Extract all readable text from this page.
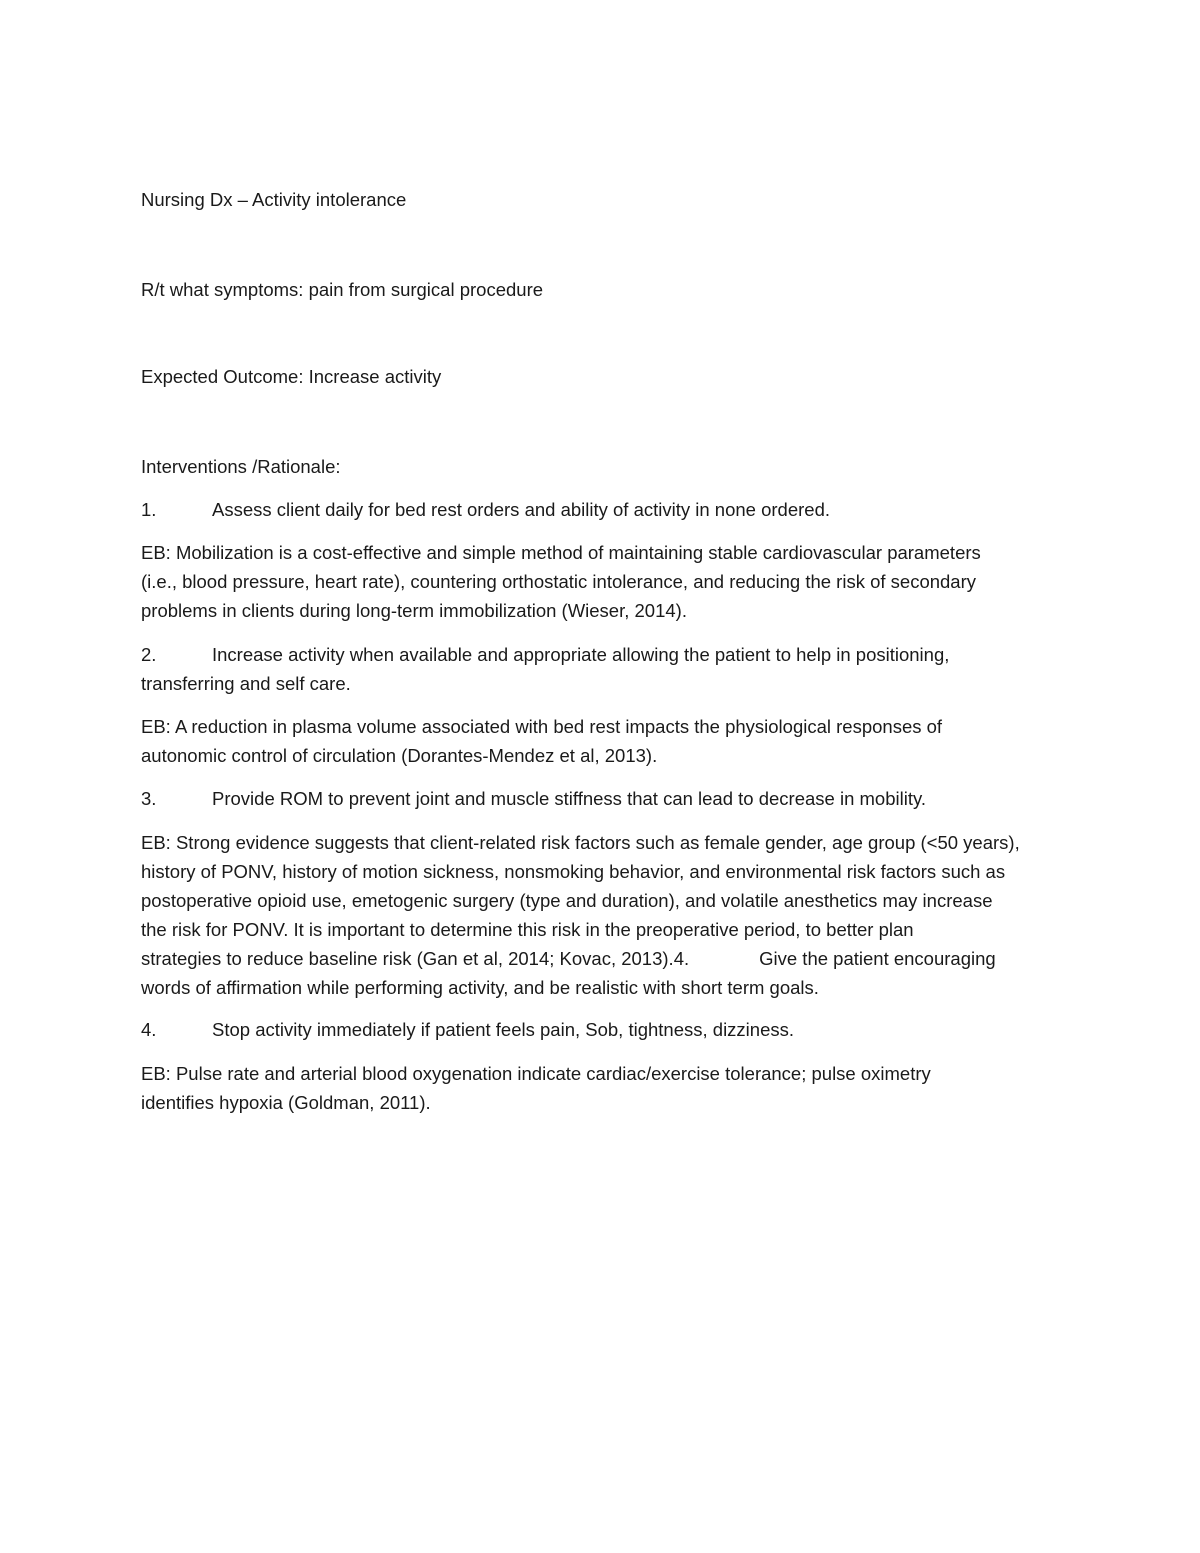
Nursing Dx – Activity intolerance
R/t what symptoms: pain from surgical procedure
Expected Outcome: Increase activity
Interventions /Rationale:
1.	Assess client daily for bed rest orders and ability of activity in none ordered.
EB: Mobilization is a cost-effective and simple method of maintaining stable cardiovascular parameters
(i.e., blood pressure, heart rate), countering orthostatic intolerance, and reducing the risk of secondary
problems in clients during long-term immobilization (Wieser, 2014).
2.	Increase activity when available and appropriate allowing the patient to help in positioning,
transferring and self care.
EB: A reduction in plasma volume associated with bed rest impacts the physiological responses of
autonomic control of circulation (Dorantes-Mendez et al, 2013).
3.	Provide ROM to prevent joint and muscle stiffness that can lead to decrease in mobility.
EB: Strong evidence suggests that client-related risk factors such as female gender, age group (<50 years),
history of PONV, history of motion sickness, nonsmoking behavior, and environmental risk factors such as
postoperative opioid use, emetogenic surgery (type and duration), and volatile anesthetics may increase
the risk for PONV. It is important to determine this risk in the preoperative period, to better plan
strategies to reduce baseline risk (Gan et al, 2014; Kovac, 2013).4.	Give the patient encouraging
words of affirmation while performing activity, and be realistic with short term goals.
4.	Stop activity immediately if patient feels pain, Sob, tightness, dizziness.
EB: Pulse rate and arterial blood oxygenation indicate cardiac/exercise tolerance; pulse oximetry
identifies hypoxia (Goldman, 2011).
